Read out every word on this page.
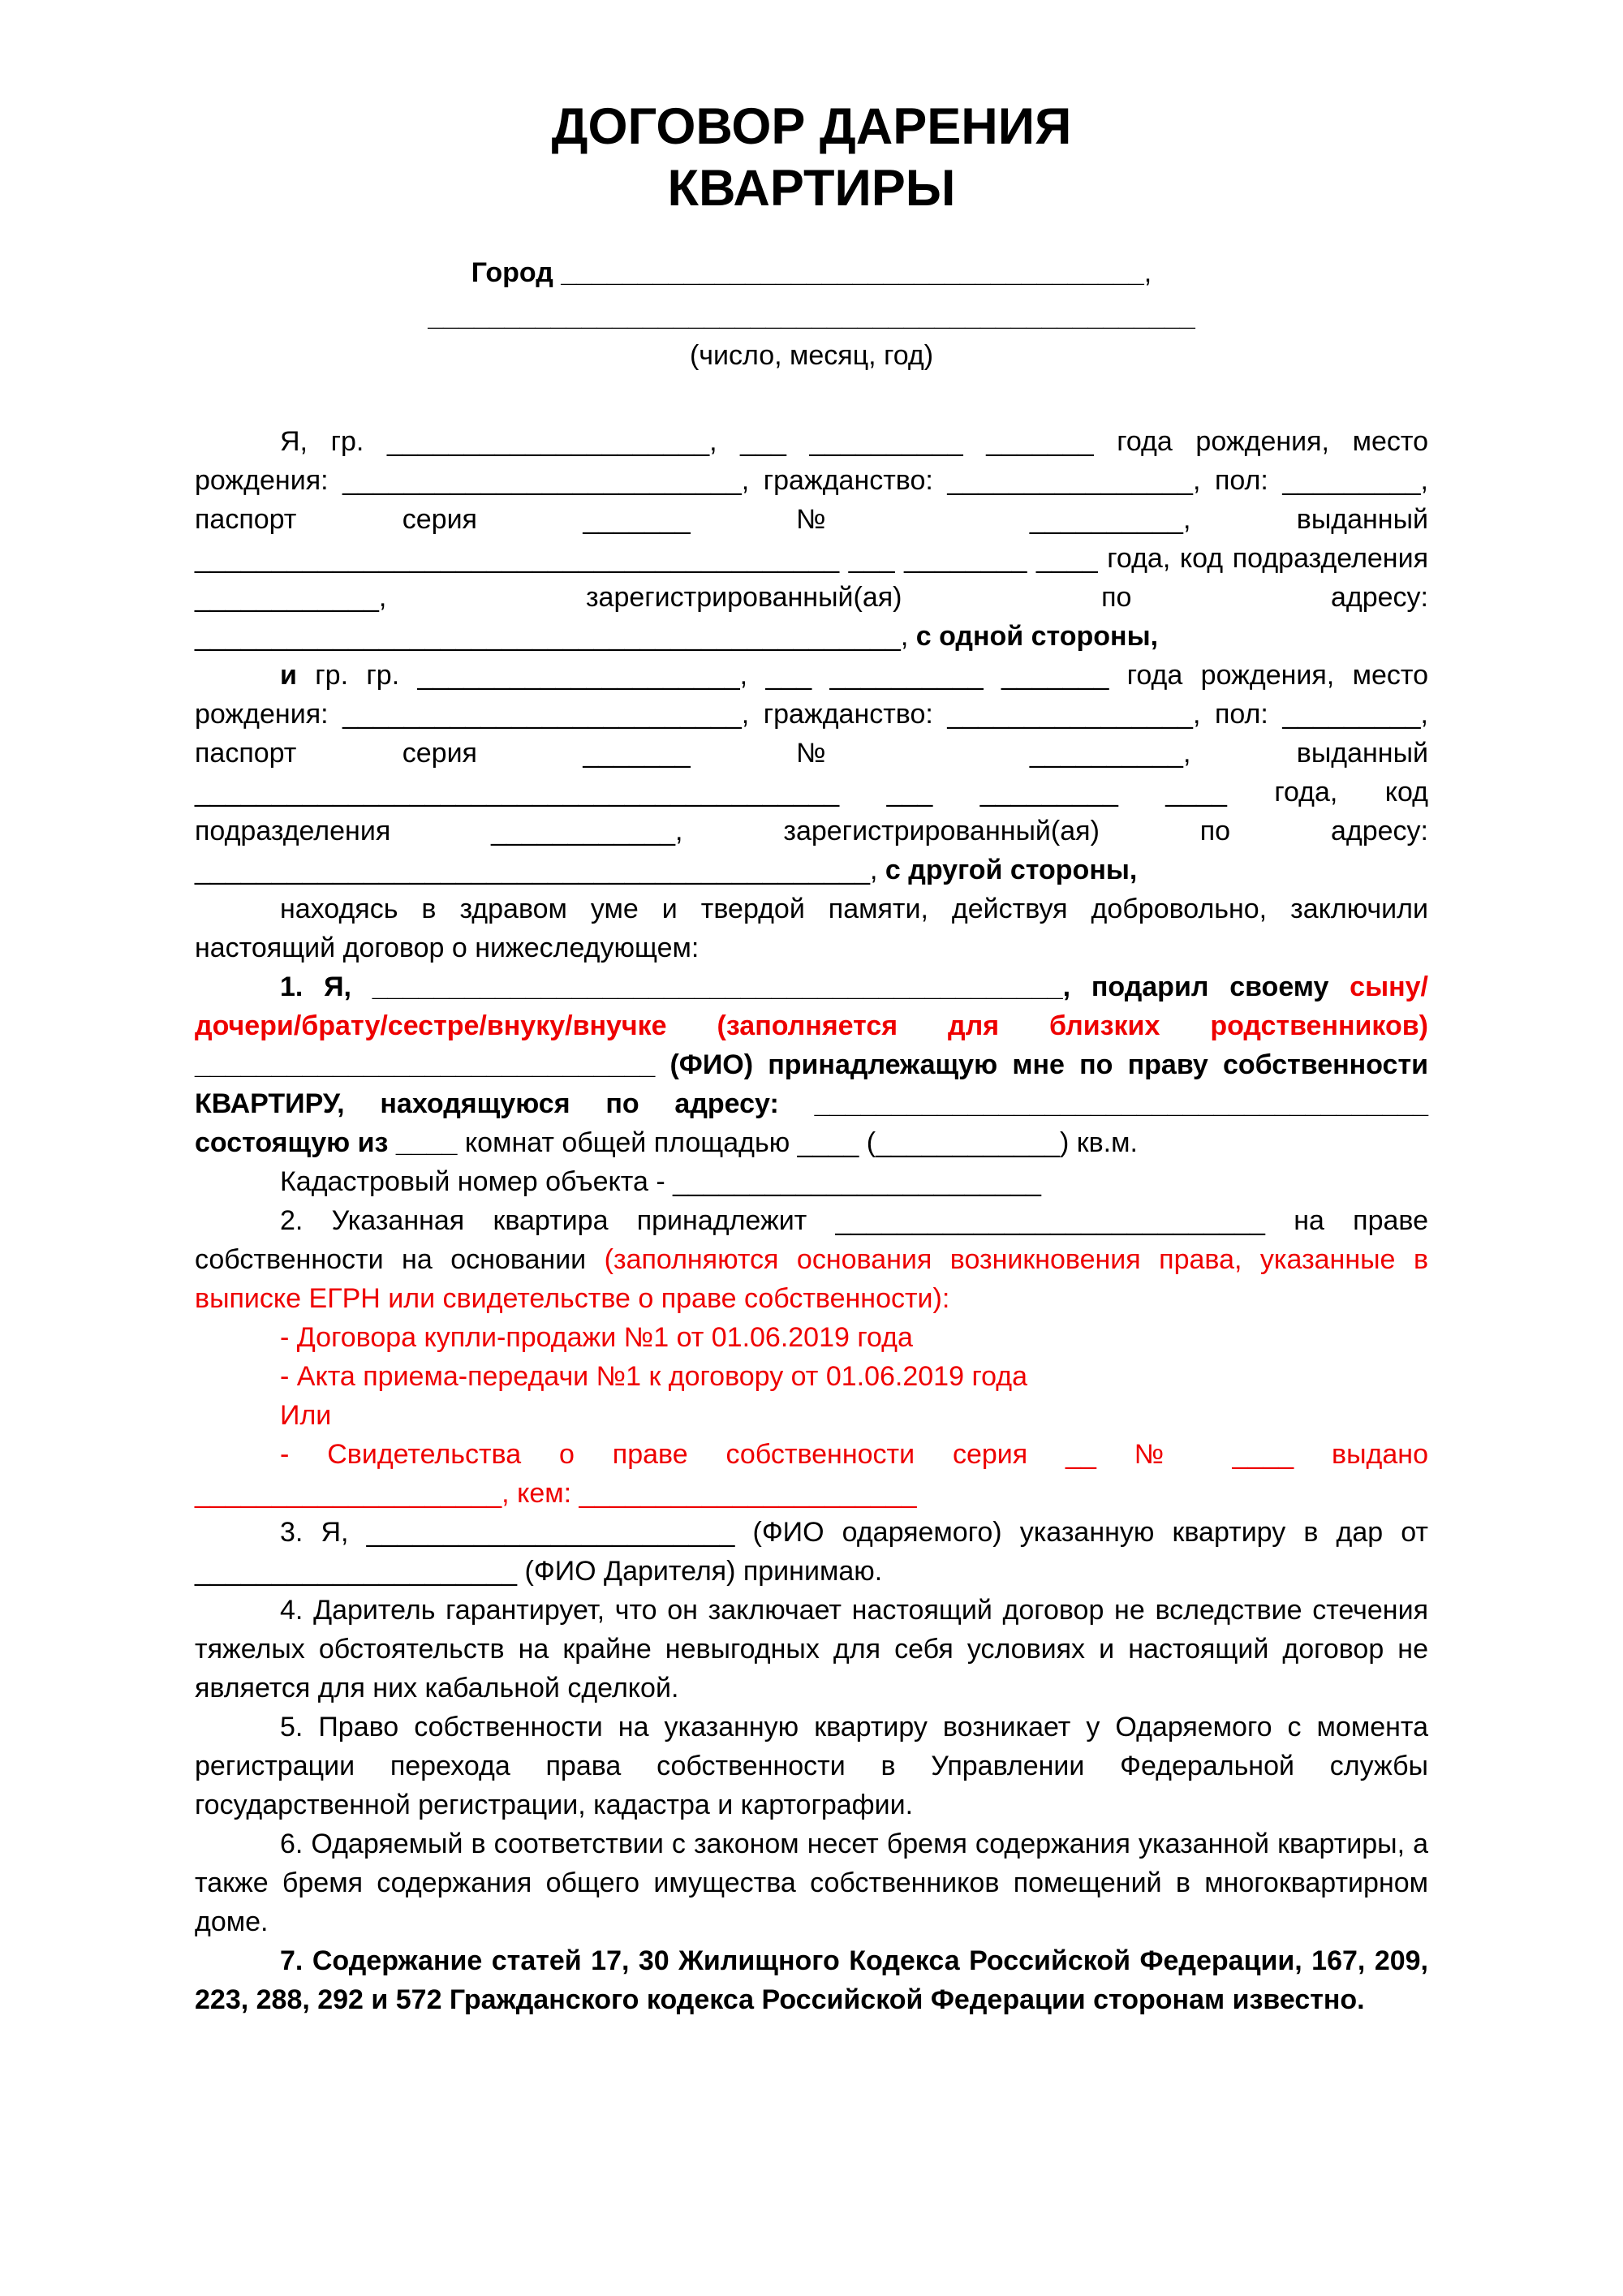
ДОГОВОР ДАРЕНИЯ
КВАРТИРЫ

Город ______________________________________,

__________________________________________________

(число, месяц, год)

Я, гр. _____________________, ___ __________ _______ года рождения, место рождения: __________________________, гражданство: ________________, пол: _________, паспорт серия _______ № __________, выданный __________________________________________ ___ ________ ____ года, код подразделения ____________, зарегистрированный(ая) по адресу: ______________________________________________, с одной стороны,

и гр. гр. _____________________, ___ __________ _______ года рождения, место рождения: __________________________, гражданство: ________________, пол: _________, паспорт серия _______ № __________, выданный __________________________________________ ___ _________ ____ года, код подразделения ____________, зарегистрированный(ая) по адресу: ____________________________________________, с другой стороны,

находясь в здравом уме и твердой памяти, действуя добровольно, заключили настоящий договор о нижеследующем:

1. Я, _____________________________________________, подарил своему сыну/дочери/брату/сестре/внуку/внучке (заполняется для близких родственников) ______________________________ (ФИО) принадлежащую мне по праву собственности КВАРТИРУ, находящуюся по адресу: ________________________________________ состоящую из ____ комнат общей площадью ____ (____________) кв.м.

Кадастровый номер объекта - ________________________

2. Указанная квартира принадлежит ____________________________ на праве собственности на основании (заполняются основания возникновения права, указанные в выписке ЕГРН или свидетельстве о праве собственности):

- Договора купли-продажи №1 от 01.06.2019 года

- Акта приема-передачи №1 к договору от 01.06.2019 года

Или

- Свидетельства о праве собственности серия __ № ____ выдано ____________________, кем: ______________________

3. Я, ________________________ (ФИО одаряемого) указанную квартиру в дар от _____________________ (ФИО Дарителя) принимаю.

4. Даритель гарантирует, что он заключает настоящий договор не вследствие стечения тяжелых обстоятельств на крайне невыгодных для себя условиях и настоящий договор не является для них кабальной сделкой.

5. Право собственности на указанную квартиру возникает у Одаряемого с момента регистрации перехода права собственности в Управлении Федеральной службы государственной регистрации, кадастра и картографии.

6. Одаряемый в соответствии с законом несет бремя содержания указанной квартиры, а также бремя содержания общего имущества собственников помещений в многоквартирном доме.

7. Содержание статей 17, 30 Жилищного Кодекса Российской Федерации, 167, 209, 223, 288, 292 и 572 Гражданского кодекса Российской Федерации сторонам известно.
